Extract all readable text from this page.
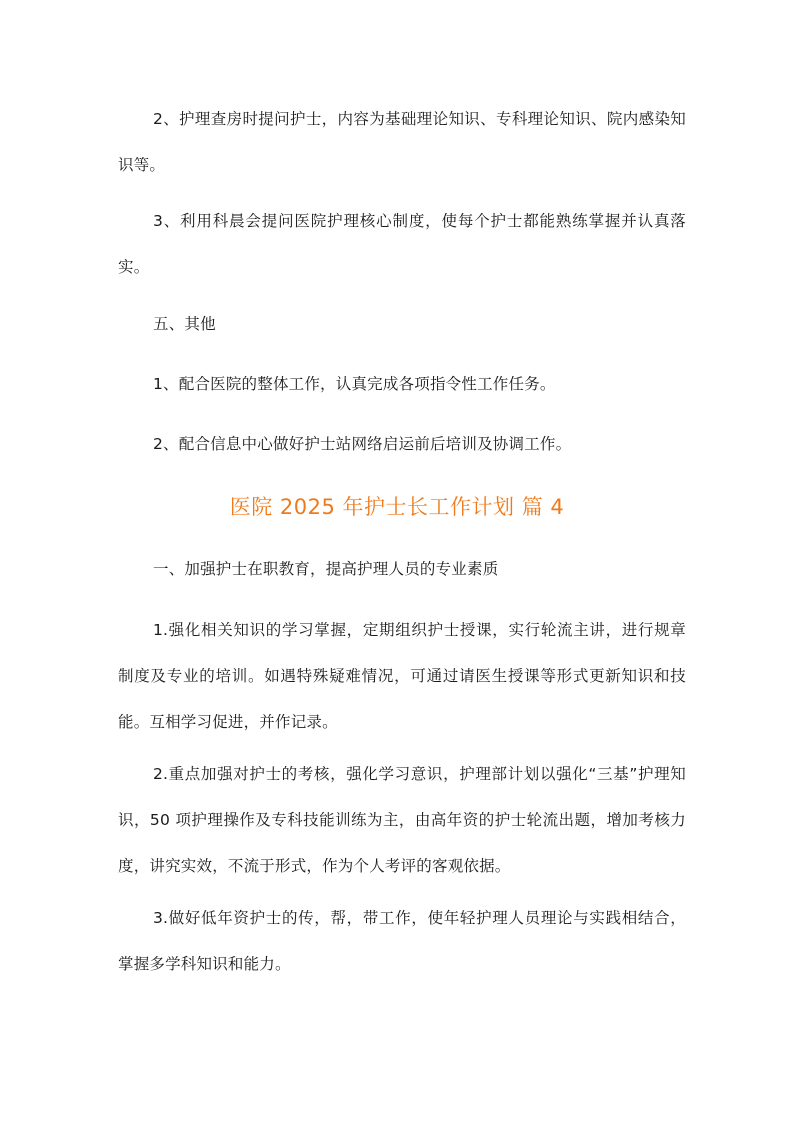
2、护理查房时提问护士，内容为基础理论知识、专科理论知识、院内感染知识等。

3、利用科晨会提问医院护理核心制度，使每个护士都能熟练掌握并认真落实。

五、其他

1、配合医院的整体工作，认真完成各项指令性工作任务。

2、配合信息中心做好护士站网络启运前后培训及协调工作。

医院 2025 年护士长工作计划 篇 4

一、加强护士在职教育，提高护理人员的专业素质

1.强化相关知识的学习掌握，定期组织护士授课，实行轮流主讲，进行规章制度及专业的培训。如遇特殊疑难情况，可通过请医生授课等形式更新知识和技能。互相学习促进，并作记录。

2.重点加强对护士的考核，强化学习意识，护理部计划以强化“三基”护理知识，50 项护理操作及专科技能训练为主，由高年资的护士轮流出题，增加考核力度，讲究实效，不流于形式，作为个人考评的客观依据。

3.做好低年资护士的传，帮，带工作，使年轻护理人员理论与实践相结合，掌握多学科知识和能力。
